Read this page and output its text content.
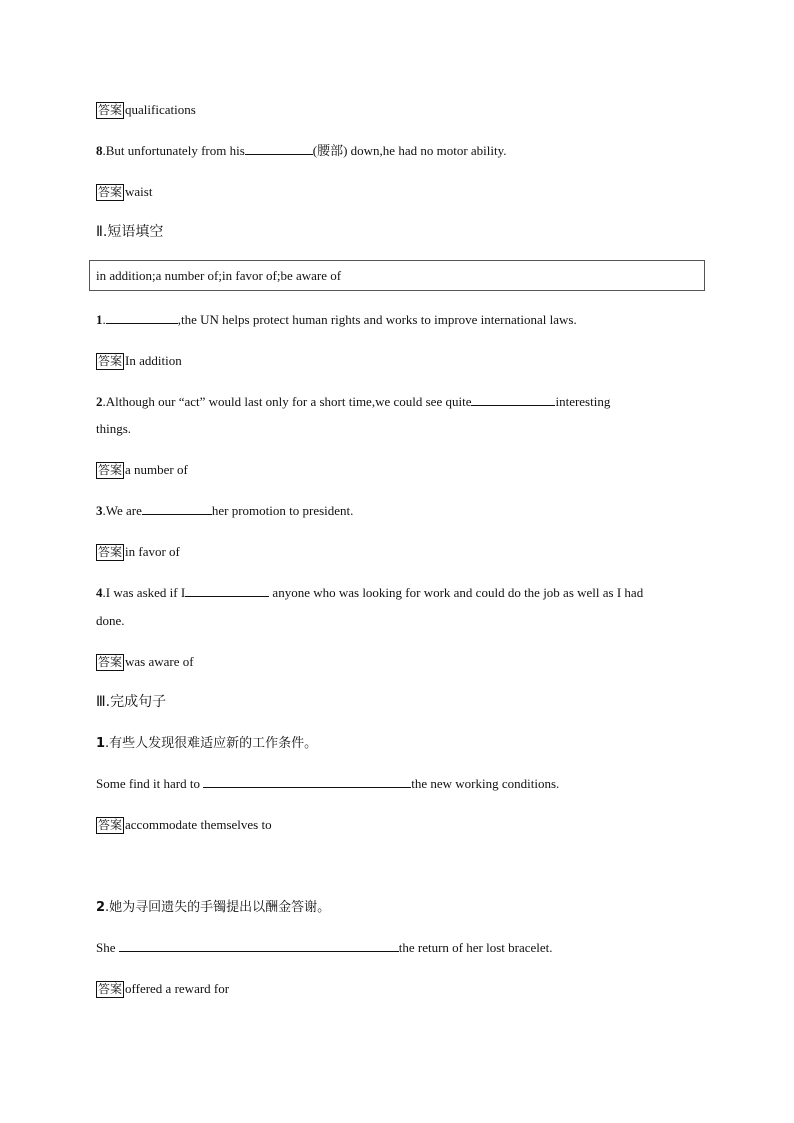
答案 qualifications
8.But unfortunately from his	(腰部) down,he had no motor ability.
答案 waist
Ⅱ.短语填空
in addition;a number of;in favor of;be aware of
1.	,the UN helps protect human rights and works to improve international laws.
答案 In addition
2.Although our “act” would last only for a short time,we could see quite	interesting
things.
答案 a number of
3.We are	her promotion to president.
答案 in favor of
4.I was asked if I	anyone who was looking for work and could do the job as well as I had
done.
答案 was aware of
Ⅲ.完成句子
1.有些人发现很难适应新的工作条件。
Some find it hard to	the new working conditions.
答案 accommodate themselves to
2.她为寻回遗失的手镯提出以酬金答谢。
She	the return of her lost bracelet.
答案 offered a reward for
